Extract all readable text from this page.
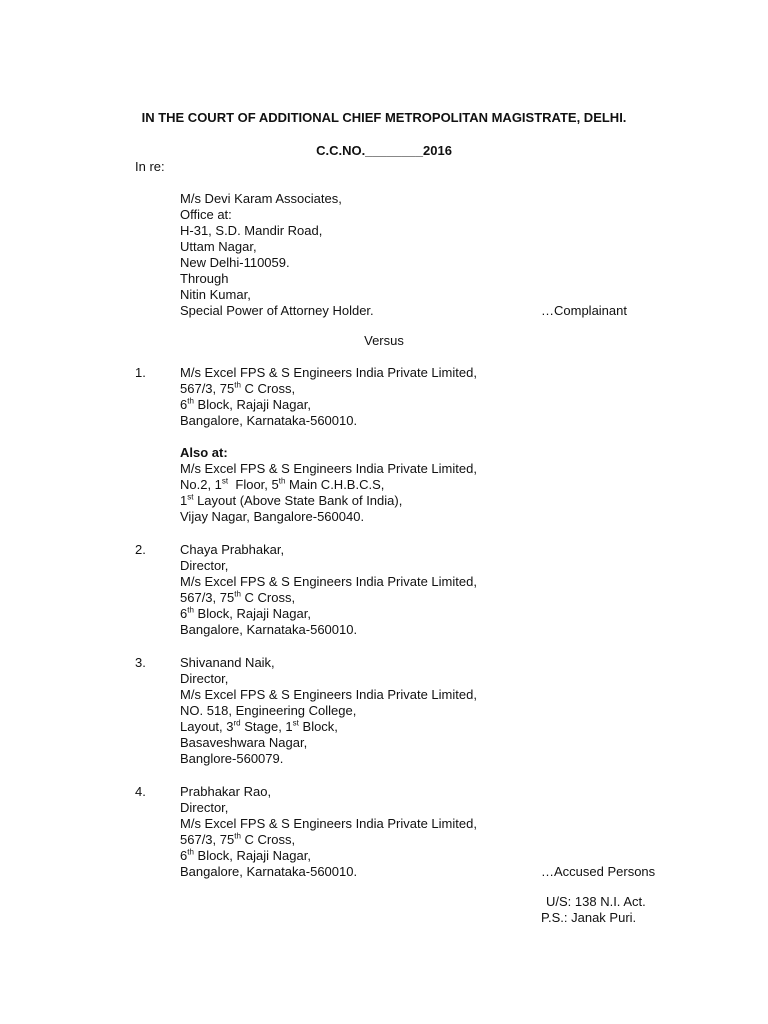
IN THE COURT OF ADDITIONAL CHIEF METROPOLITAN MAGISTRATE, DELHI.
C.C.NO.________2016
In re:
M/s Devi Karam Associates,
Office at:
H-31, S.D. Mandir Road,
Uttam Nagar,
New Delhi-110059.
Through
Nitin Kumar,
Special Power of Attorney Holder.	…Complainant
Versus
1.	M/s Excel FPS & S Engineers India Private Limited,
567/3, 75th C Cross,
6th Block, Rajaji Nagar,
Bangalore, Karnataka-560010.
Also at:
M/s Excel FPS & S Engineers India Private Limited,
No.2, 1st  Floor, 5th Main C.H.B.C.S,
1st Layout (Above State Bank of India),
Vijay Nagar, Bangalore-560040.
2.	Chaya Prabhakar,
Director,
M/s Excel FPS & S Engineers India Private Limited,
567/3, 75th C Cross,
6th Block, Rajaji Nagar,
Bangalore, Karnataka-560010.
3.	Shivanand Naik,
Director,
M/s Excel FPS & S Engineers India Private Limited,
NO. 518, Engineering College,
Layout, 3rd Stage, 1st Block,
Basaveshwara Nagar,
Banglore-560079.
4.	Prabhakar Rao,
Director,
M/s Excel FPS & S Engineers India Private Limited,
567/3, 75th C Cross,
6th Block, Rajaji Nagar,
Bangalore, Karnataka-560010.	…Accused Persons
U/S: 138 N.I. Act.
P.S.: Janak Puri.
